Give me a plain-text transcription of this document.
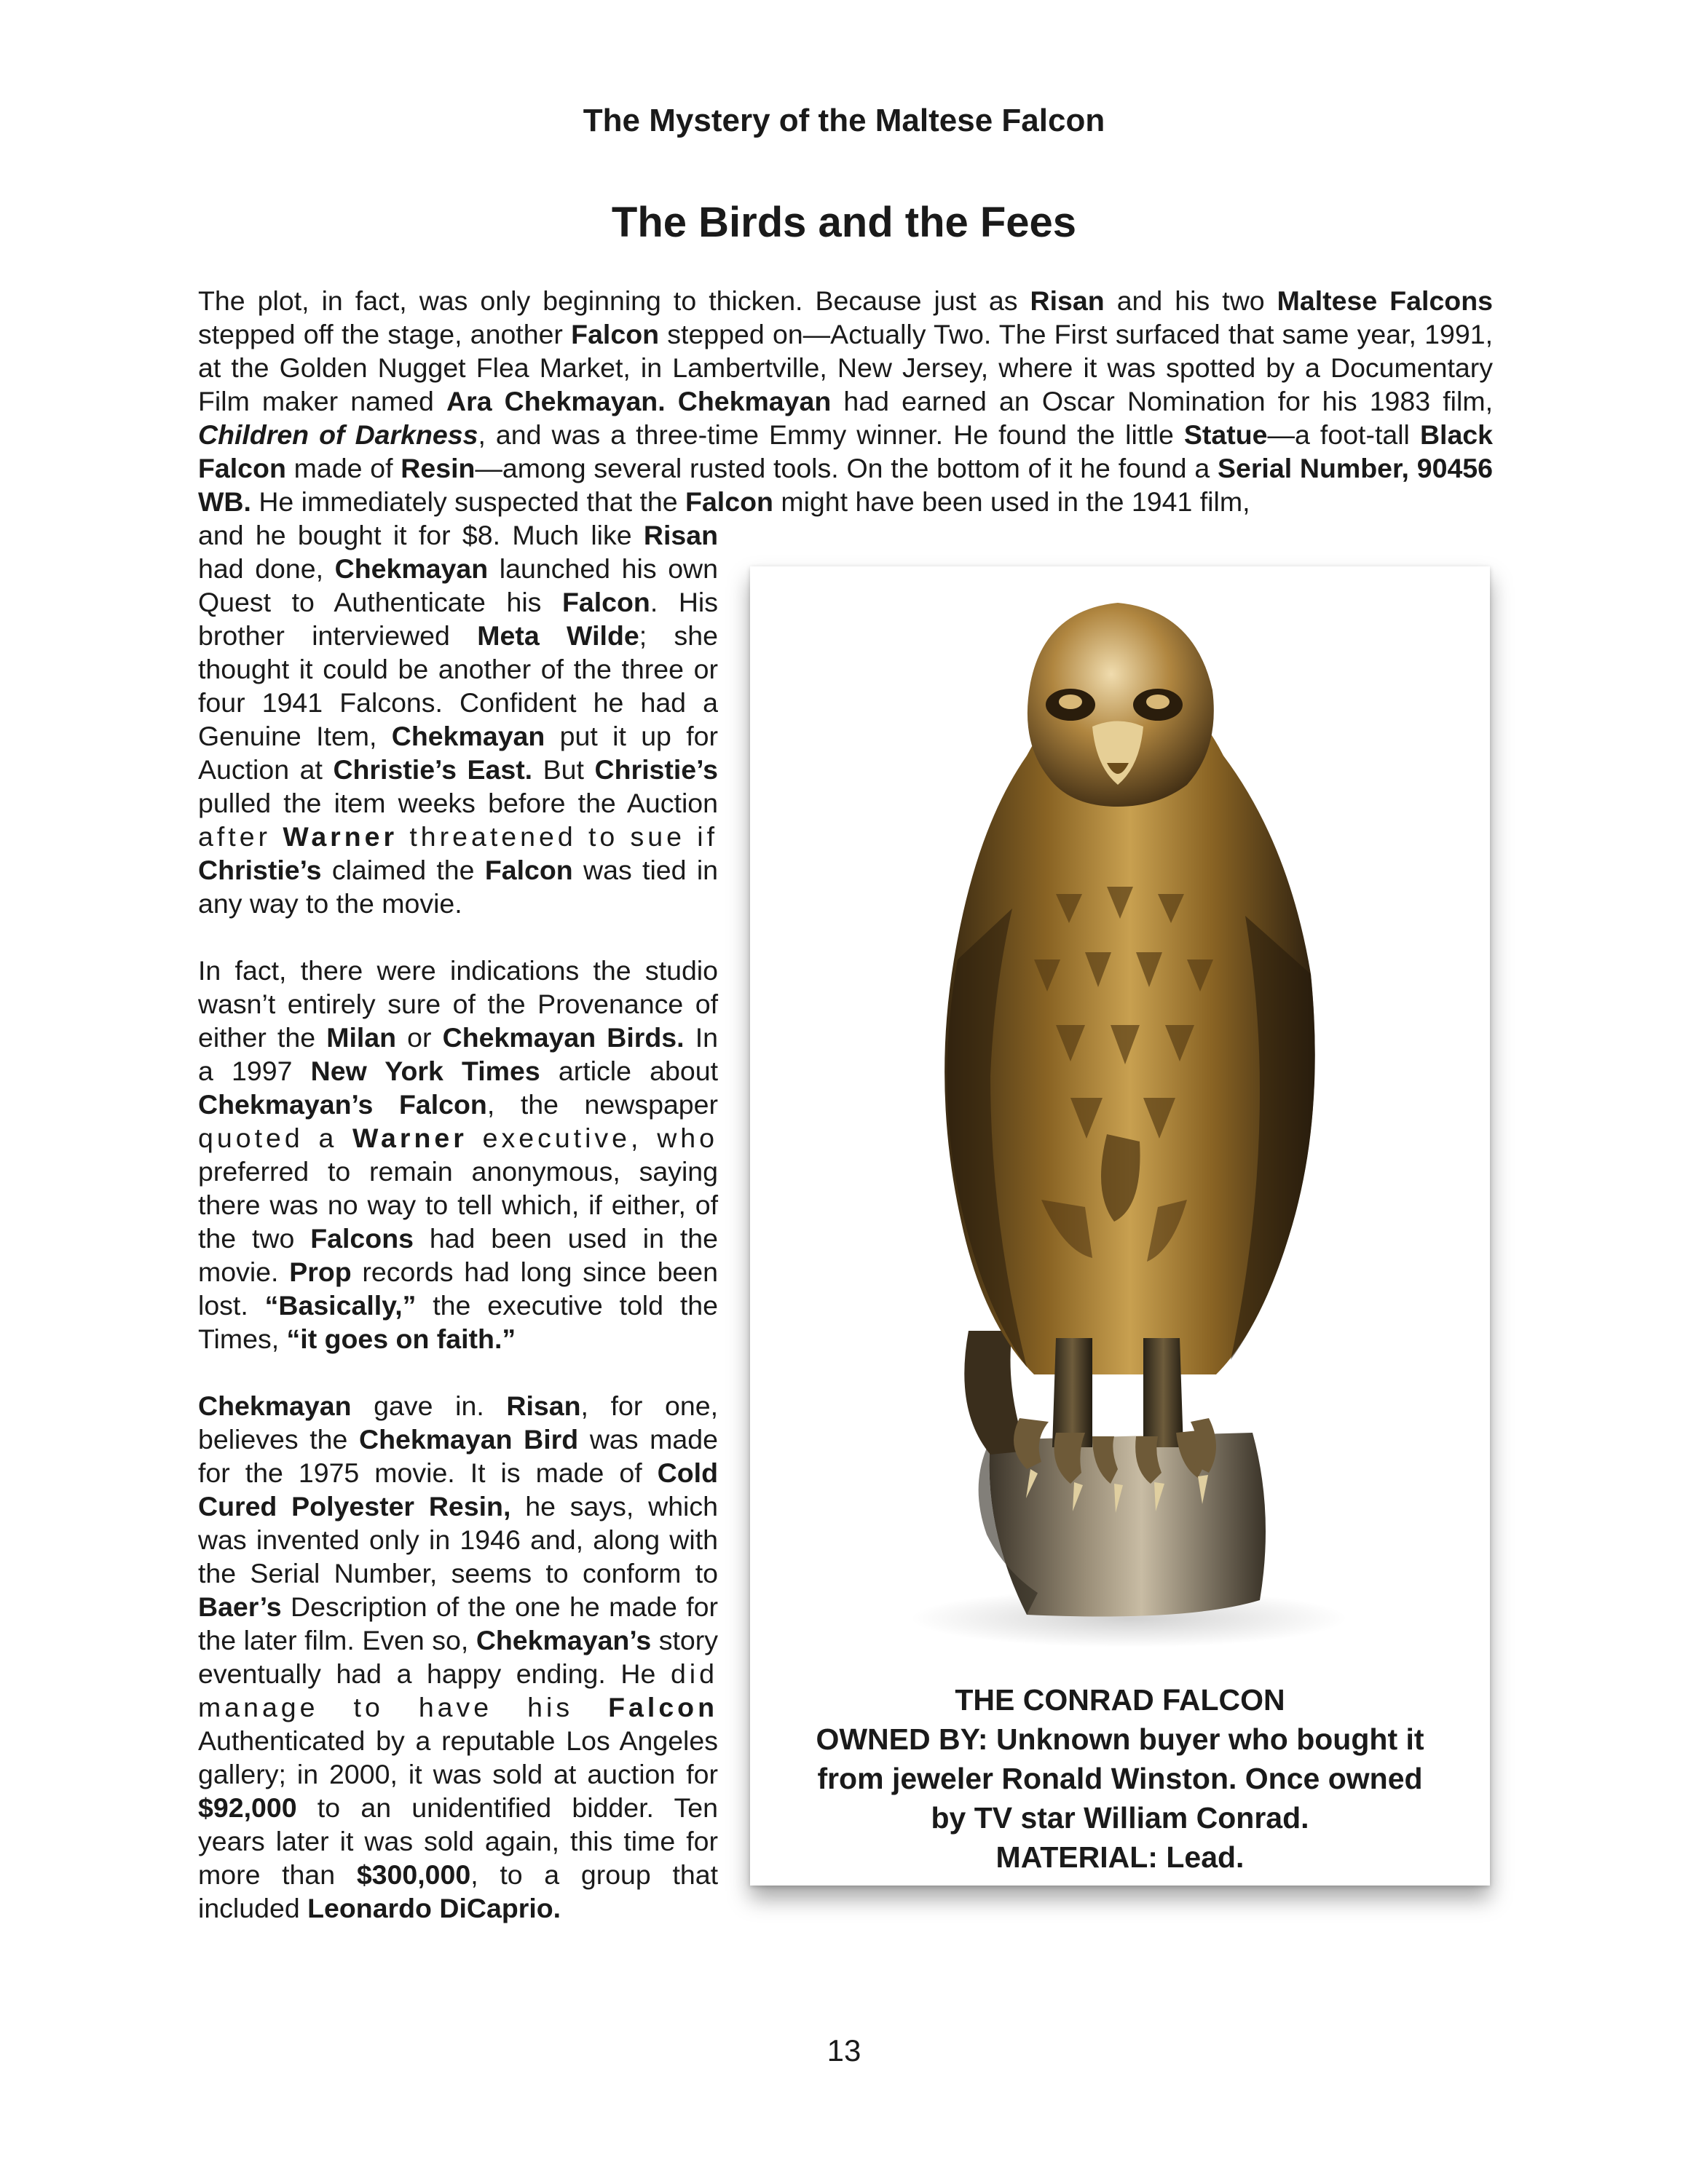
The Mystery of the Maltese Falcon
The Birds and the Fees

The plot, in fact, was only beginning to thicken. Because just as Risan and his two Maltese Falcons stepped off the stage, another Falcon stepped on—Actually Two. The First surfaced that same year, 1991, at the Golden Nugget Flea Market, in Lambertville, New Jersey, where it was spotted by a Documentary Film maker named Ara Chekmayan. Chekmayan had earned an Oscar Nomination for his 1983 film, Children of Darkness, and was a three-time Emmy winner. He found the little Statue—a foot-tall Black Falcon made of Resin—among several rusted tools. On the bottom of it he found a Serial Number, 90456 WB. He immediately suspected that the Falcon might have been used in the 1941 film,

and he bought it for $8. Much like Risan had done, Chekmayan launched his own Quest to Authenticate his Falcon. His brother interviewed Meta Wilde; she thought it could be another of the three or four 1941 Falcons. Confident he had a Genuine Item, Chekmayan put it up for Auction at Christie’s East. But Christie’s pulled the item weeks before the Auction after Warner threatened to sue if Christie’s claimed the Falcon was tied in any way to the movie.

In fact, there were indications the studio wasn’t entirely sure of the Provenance of either the Milan or Chekmayan Birds. In a 1997 New York Times article about Chekmayan’s Falcon, the newspaper quoted a Warner executive, who preferred to remain anonymous, saying there was no way to tell which, if either, of the two Falcons had been used in the movie. Prop records had long since been lost. “Basically,” the executive told the Times, “it goes on faith.”

Chekmayan gave in. Risan, for one, believes the Chekmayan Bird was made for the 1975 movie. It is made of Cold Cured Polyester Resin, he says, which was invented only in 1946 and, along with the Serial Number, seems to conform to Baer’s Description of the one he made for the later film. Even so, Chekmayan’s story eventually had a happy ending. He did manage to have his Falcon Authenticated by a reputable Los Angeles gallery; in 2000, it was sold at auction for $92,000 to an unidentified bidder. Ten years later it was sold again, this time for more than $300,000, to a group that included Leonardo DiCaprio.

THE CONRAD FALCON
OWNED BY: Unknown buyer who bought it
from jeweler Ronald Winston. Once owned
by TV star William Conrad.
MATERIAL: Lead.
13
